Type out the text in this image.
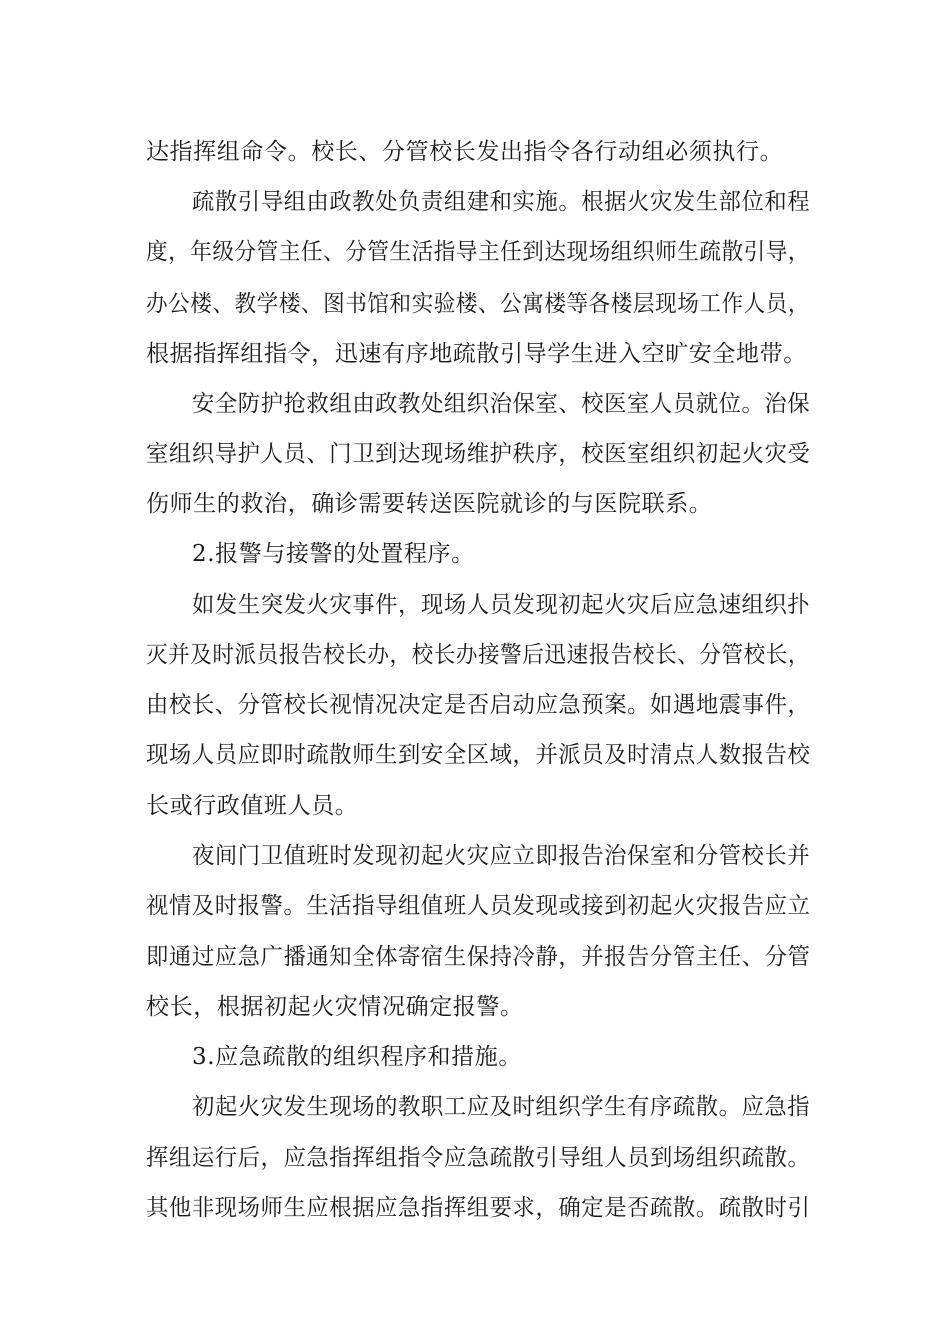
达指挥组命令。校长、分管校长发出指令各行动组必须执行。
疏散引导组由政教处负责组建和实施。根据火灾发生部位和程
度，年级分管主任、分管生活指导主任到达现场组织师生疏散引导，
办公楼、教学楼、图书馆和实验楼、公寓楼等各楼层现场工作人员，
根据指挥组指令，迅速有序地疏散引导学生进入空旷安全地带。
安全防护抢救组由政教处组织治保室、校医室人员就位。治保
室组织导护人员、门卫到达现场维护秩序，校医室组织初起火灾受
伤师生的救治，确诊需要转送医院就诊的与医院联系。
2.报警与接警的处置程序。
如发生突发火灾事件，现场人员发现初起火灾后应急速组织扑
灭并及时派员报告校长办，校长办接警后迅速报告校长、分管校长，
由校长、分管校长视情况决定是否启动应急预案。如遇地震事件，
现场人员应即时疏散师生到安全区域，并派员及时清点人数报告校
长或行政值班人员。
夜间门卫值班时发现初起火灾应立即报告治保室和分管校长并
视情及时报警。生活指导组值班人员发现或接到初起火灾报告应立
即通过应急广播通知全体寄宿生保持冷静，并报告分管主任、分管
校长，根据初起火灾情况确定报警。
3.应急疏散的组织程序和措施。
初起火灾发生现场的教职工应及时组织学生有序疏散。应急指
挥组运行后，应急指挥组指令应急疏散引导组人员到场组织疏散。
其他非现场师生应根据应急指挥组要求，确定是否疏散。疏散时引
